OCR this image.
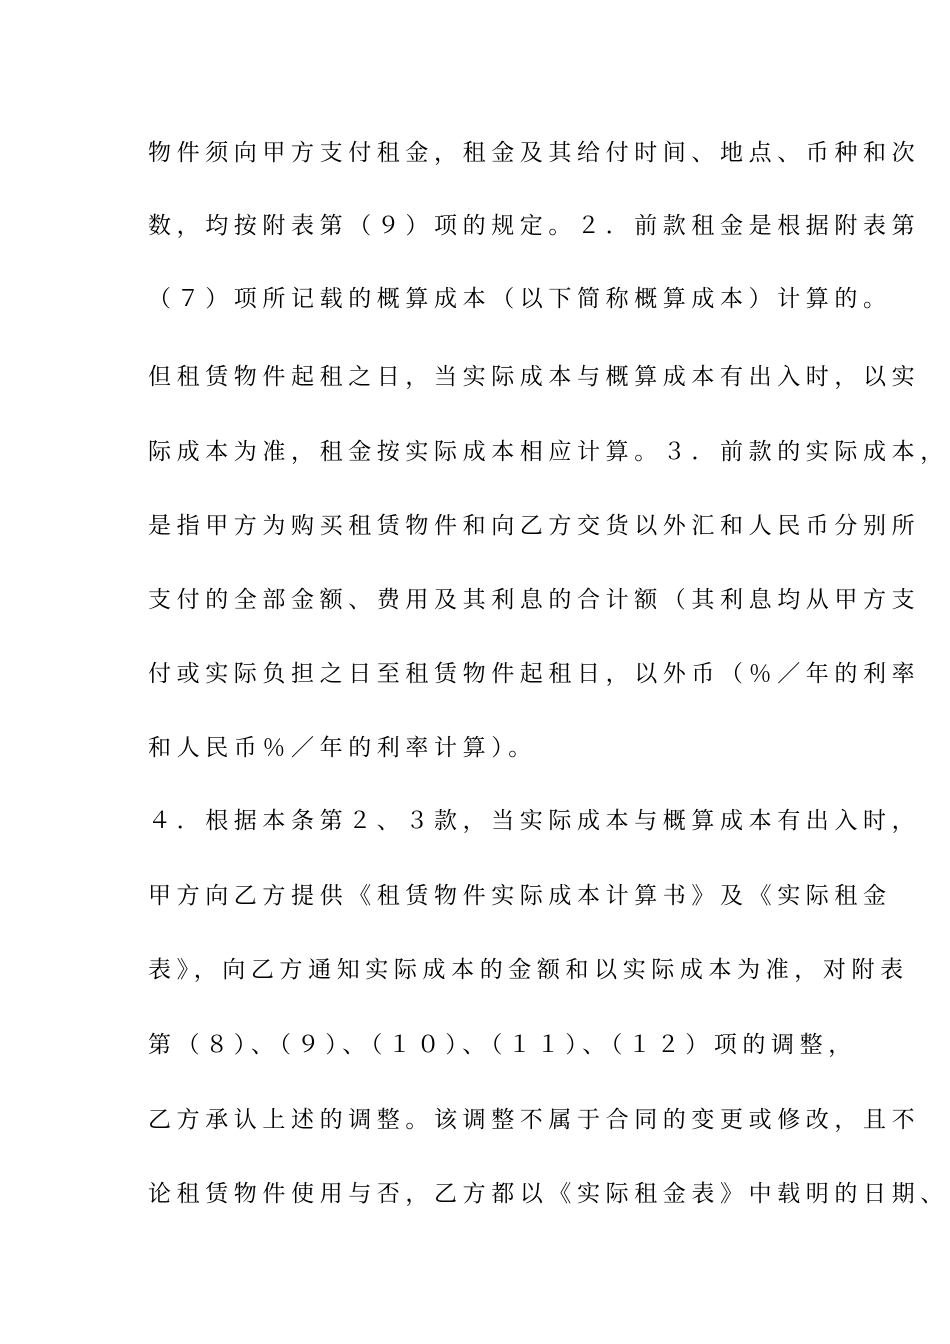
物件须向甲方支付租金，租金及其给付时间、地点、币种和次
数，均按附表第（９）项的规定。２．前款租金是根据附表第
（７）项所记载的概算成本（以下简称概算成本）计算的。
但租赁物件起租之日，当实际成本与概算成本有出入时，以实
际成本为准，租金按实际成本相应计算。３．前款的实际成本，
是指甲方为购买租赁物件和向乙方交货以外汇和人民币分别所
支付的全部金额、费用及其利息的合计额（其利息均从甲方支
付或实际负担之日至租赁物件起租日，以外币（％／年的利率
和人民币％／年的利率计算）。
４．根据本条第２、３款，当实际成本与概算成本有出入时，
甲方向乙方提供《租赁物件实际成本计算书》及《实际租金
表》，向乙方通知实际成本的金额和以实际成本为准，对附表
第（８）、（９）、（１０）、（１１）、（１２）项的调整，
乙方承认上述的调整。该调整不属于合同的变更或修改，且不
论租赁物件使用与否，乙方都以《实际租金表》中载明的日期、
